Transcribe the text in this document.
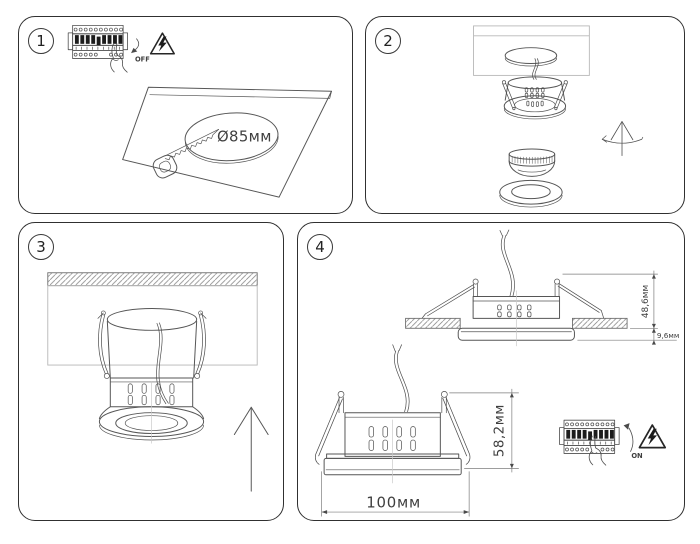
1
OFF
Ø85мм
2
3	4
48,6мм
9,6мм
58,2мм
100мм
ON
